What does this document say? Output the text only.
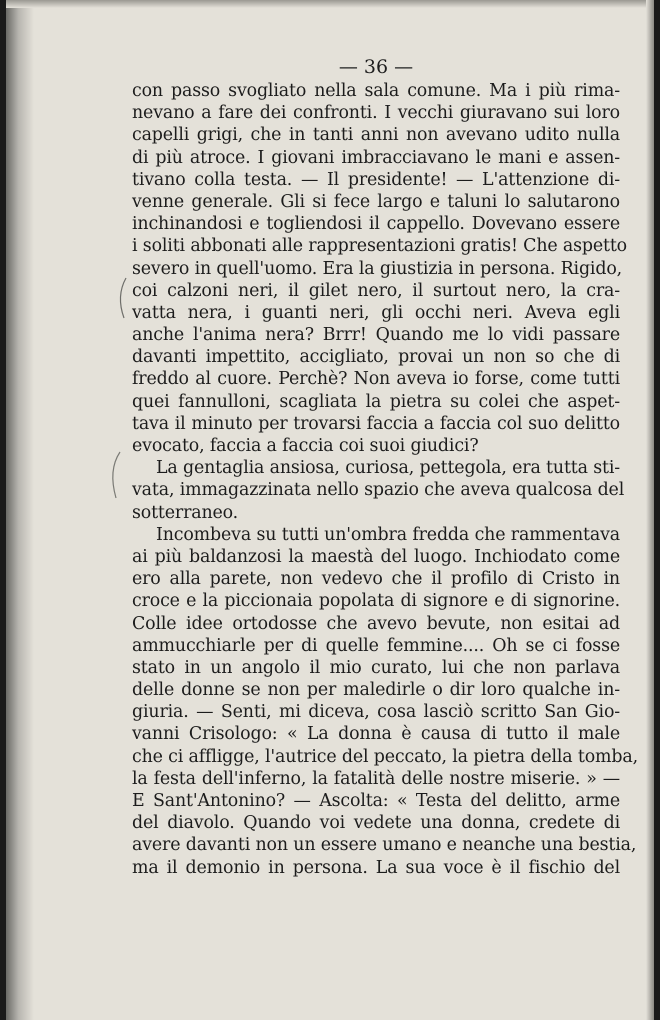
— 36 —
con passo svogliato nella sala comune. Ma i più rima-
nevano a fare dei confronti. I vecchi giuravano sui loro
capelli grigi, che in tanti anni non avevano udito nulla
di più atroce. I giovani imbracciavano le mani e assen-
tivano colla testa. — Il presidente! — L'attenzione di-
venne generale. Gli si fece largo e taluni lo salutarono
inchinandosi e togliendosi il cappello. Dovevano essere
i soliti abbonati alle rappresentazioni gratis! Che aspetto
severo in quell'uomo. Era la giustizia in persona. Rigido,
coi calzoni neri, il gilet nero, il surtout nero, la cra-
vatta nera, i guanti neri, gli occhi neri. Aveva egli
anche l'anima nera? Brrr! Quando me lo vidi passare
davanti impettito, accigliato, provai un non so che di
freddo al cuore. Perchè? Non aveva io forse, come tutti
quei fannulloni, scagliata la pietra su colei che aspet-
tava il minuto per trovarsi faccia a faccia col suo delitto
evocato, faccia a faccia coi suoi giudici?
La gentaglia ansiosa, curiosa, pettegola, era tutta sti-
vata, immagazzinata nello spazio che aveva qualcosa del
sotterraneo.
Incombeva su tutti un'ombra fredda che rammentava
ai più baldanzosi la maestà del luogo. Inchiodato come
ero alla parete, non vedevo che il profilo di Cristo in
croce e la piccionaia popolata di signore e di signorine.
Colle idee ortodosse che avevo bevute, non esitai ad
ammucchiarle per di quelle femmine.... Oh se ci fosse
stato in un angolo il mio curato, lui che non parlava
delle donne se non per maledirle o dir loro qualche in-
giuria. — Senti, mi diceva, cosa lasciò scritto San Gio-
vanni Crisologo: « La donna è causa di tutto il male
che ci affligge, l'autrice del peccato, la pietra della tomba,
la festa dell'inferno, la fatalità delle nostre miserie. » —
E Sant'Antonino? — Ascolta: « Testa del delitto, arme
del diavolo. Quando voi vedete una donna, credete di
avere davanti non un essere umano e neanche una bestia,
ma il demonio in persona. La sua voce è il fischio del
